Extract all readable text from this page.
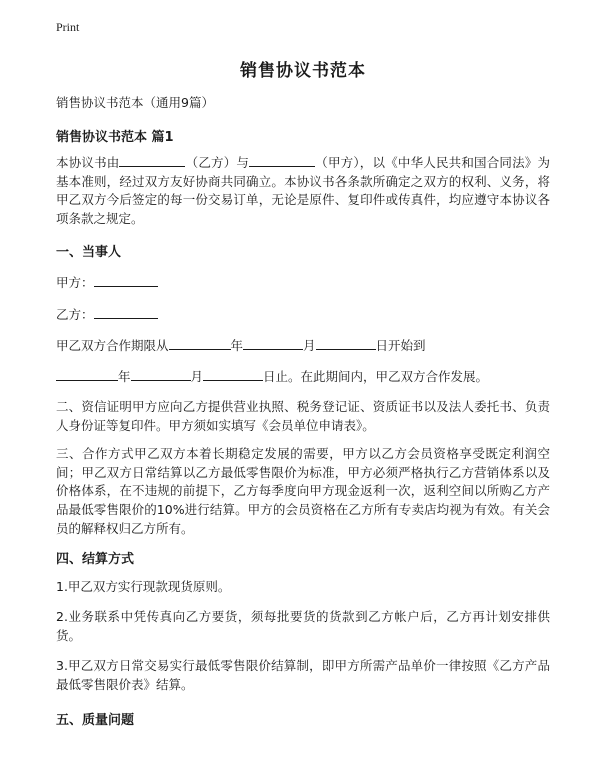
Print
销售协议书范本

销售协议书范本（通用9篇）

销售协议书范本 篇1

本协议书由	（乙方）与	（甲方），以《中华人民共和国合同法》为基本准则，经过双方友好协商共同确立。本协议书各条款所确定之双方的权利、义务，将甲乙双方今后签定的每一份交易订单，无论是原件、复印件或传真件，均应遵守本协议各项条款之规定。

一、当事人

甲方：

乙方：

甲乙双方合作期限从	年	月	日开始到

年	月	日止。在此期间内，甲乙双方合作发展。

二、资信证明甲方应向乙方提供营业执照、税务登记证、资质证书以及法人委托书、负责人身份证等复印件。甲方须如实填写《会员单位申请表》。

三、合作方式甲乙双方本着长期稳定发展的需要，甲方以乙方会员资格享受既定利润空间；甲乙双方日常结算以乙方最低零售限价为标准，甲方必须严格执行乙方营销体系以及价格体系，在不违规的前提下，乙方每季度向甲方现金返利一次，返利空间以所购乙方产品最低零售限价的10%进行结算。甲方的会员资格在乙方所有专卖店均视为有效。有关会员的解释权归乙方所有。

四、结算方式

1.甲乙双方实行现款现货原则。

2.业务联系中凭传真向乙方要货，须每批要货的货款到乙方帐户后，乙方再计划安排供货。

3.甲乙双方日常交易实行最低零售限价结算制，即甲方所需产品单价一律按照《乙方产品最低零售限价表》结算。

五、质量问题
